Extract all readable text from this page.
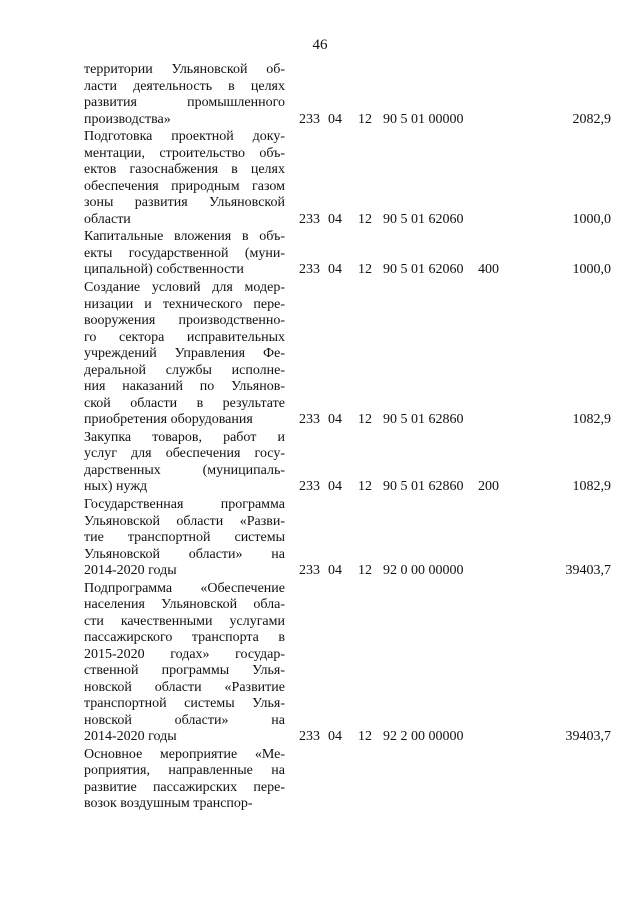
46
территории Ульяновской об-
ласти деятельность в целях
развития промышленного
производства»	233 04 12 90 5 01 00000	2082,9
Подготовка проектной доку-
ментации, строительство объ-
ектов газоснабжения в целях
обеспечения природным газом
зоны развития Ульяновской
области	233 04 12 90 5 01 62060	1000,0
Капитальные вложения в объ-
екты государственной (муни-
ципальной) собственности	233 04 12 90 5 01 62060 400	1000,0
Создание условий для модер-
низации и технического пере-
вооружения производственно-
го сектора исправительных
учреждений Управления Фе-
деральной службы исполне-
ния наказаний по Ульянов-
ской области в результате
приобретения оборудования	233 04 12 90 5 01 62860	1082,9
Закупка товаров, работ и
услуг для обеспечения госу-
дарственных (муниципаль-
ных) нужд	233 04 12 90 5 01 62860 200	1082,9
Государственная программа
Ульяновской области «Разви-
тие транспортной системы
Ульяновской области» на
2014-2020 годы	233 04 12 92 0 00 00000	39403,7
Подпрограмма «Обеспечение
населения Ульяновской обла-
сти качественными услугами
пассажирского транспорта в
2015-2020 годах» государ-
ственной программы Улья-
новской области «Развитие
транспортной системы Улья-
новской области» на
2014-2020 годы	233 04 12 92 2 00 00000	39403,7
Основное мероприятие «Ме-
роприятия, направленные на
развитие пассажирских пере-
возок воздушным транспор-
